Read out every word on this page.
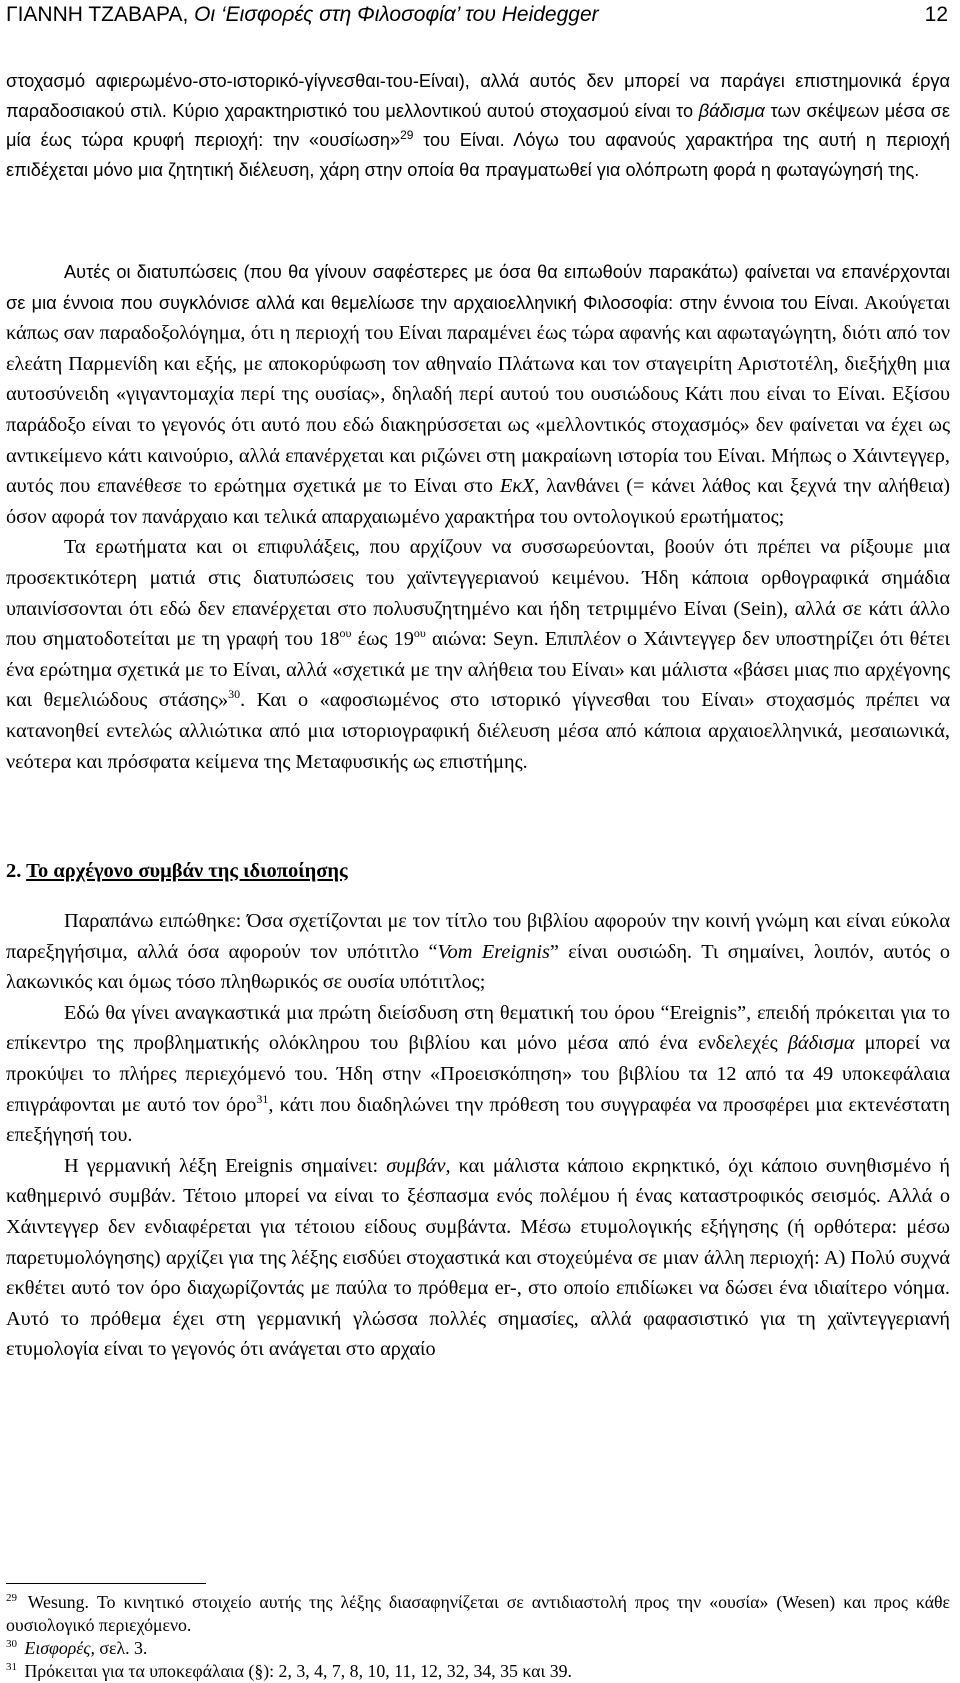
ΓΙΑΝΝΗ ΤΖΑΒΑΡΑ, Οι ‘Εισφορές στη Φιλοσοφία’ του Heidegger	12

στοχασμό αφιερωμένο-στο-ιστορικό-γίγνεσθαι-του-Είναι), αλλά αυτός δεν μπορεί να παράγει επιστημονικά έργα παραδοσιακού στιλ. Κύριο χαρακτηριστικό του μελλοντικού αυτού στοχασμού είναι το βάδισμα των σκέψεων μέσα σε μία έως τώρα κρυφή περιοχή: την «ουσίωση»$^{29}$ του Είναι. Λόγω του αφανούς χαρακτήρα της αυτή η περιοχή επιδέχεται μόνο μια ζητητική διέλευση, χάρη στην οποία θα πραγματωθεί για ολόπρωτη φορά η φωταγώγησή της.

Αυτές οι διατυπώσεις (που θα γίνουν σαφέστερες με όσα θα ειπωθούν παρακάτω) φαίνεται να επανέρχονται σε μια έννοια που συγκλόνισε αλλά και θεμελίωσε την αρχαιοελληνική Φιλοσοφία: στην έννοια του Είναι. Ακούγεται κάπως σαν παραδοξολόγημα, ότι η περιοχή του Είναι παραμένει έως τώρα αφανής και αφωταγώγητη, διότι από τον ελεάτη Παρμενίδη και εξής, με αποκορύφωση τον αθηναίο Πλάτωνα και τον σταγειρίτη Αριστοτέλη, διεξήχθη μια αυτοσύνειδη «γιγαντομαχία περί της ουσίας», δηλαδή περί αυτού του ουσιώδους Κάτι που είναι το Είναι. Εξίσου παράδοξο είναι το γεγονός ότι αυτό που εδώ διακηρύσσεται ως «μελλοντικός στοχασμός» δεν φαίνεται να έχει ως αντικείμενο κάτι καινούριο, αλλά επανέρχεται και ριζώνει στη μακραίωνη ιστορία του Είναι. Μήπως ο Χάιντεγγερ, αυτός που επανέθεσε το ερώτημα σχετικά με το Είναι στο ΕκΧ, λανθάνει (= κάνει λάθος και ξεχνά την αλήθεια) όσον αφορά τον πανάρχαιο και τελικά απαρχαιωμένο χαρακτήρα του οντολογικού ερωτήματος;

Τα ερωτήματα και οι επιφυλάξεις, που αρχίζουν να συσσωρεύονται, βοούν ότι πρέπει να ρίξουμε μια προσεκτικότερη ματιά στις διατυπώσεις του χαϊντεγγεριανού κειμένου. Ήδη κάποια ορθογραφικά σημάδια υπαινίσσονται ότι εδώ δεν επανέρχεται στο πολυσυζητημένο και ήδη τετριμμένο Είναι (Sein), αλλά σε κάτι άλλο που σηματοδοτείται με τη γραφή του $18^{o\upsilon}$ έως $19^{o\upsilon}$ αιώνα: Seyn. Επιπλέον ο Χάιντεγγερ δεν υποστηρίζει ότι θέτει ένα ερώτημα σχετικά με το Είναι, αλλά «σχετικά με την αλήθεια του Είναι» και μάλιστα «βάσει μιας πιο αρχέγονης και θεμελιώδους στάσης»$^{30}$. Και ο «αφοσιωμένος στο ιστορικό γίγνεσθαι του Είναι» στοχασμός πρέπει να κατανοηθεί εντελώς αλλιώτικα από μια ιστοριογραφική διέλευση μέσα από κάποια αρχαιοελληνικά, μεσαιωνικά, νεότερα και πρόσφατα κείμενα της Μεταφυσικής ως επιστήμης.

2. Το αρχέγονο συμβάν της ιδιοποίησης

Παραπάνω ειπώθηκε: Όσα σχετίζονται με τον τίτλο του βιβλίου αφορούν την κοινή γνώμη και είναι εύκολα παρεξηγήσιμα, αλλά όσα αφορούν τον υπότιτλο “Vom Ereignis” είναι ουσιώδη. Τι σημαίνει, λοιπόν, αυτός ο λακωνικός και όμως τόσο πληθωρικός σε ουσία υπότιτλος;

Εδώ θα γίνει αναγκαστικά μια πρώτη διείσδυση στη θεματική του όρου “Ereignis”, επειδή πρόκειται για το επίκεντρο της προβληματικής ολόκληρου του βιβλίου και μόνο μέσα από ένα ενδελεχές βάδισμα μπορεί να προκύψει το πλήρες περιεχόμενό του. Ήδη στην «Προεισκόπηση» του βιβλίου τα 12 από τα 49 υποκεφάλαια επιγράφονται με αυτό τον όρο$^{31}$, κάτι που διαδηλώνει την πρόθεση του συγγραφέα να προσφέρει μια εκτενέστατη επεξήγησή του.

Η γερμανική λέξη Ereignis σημαίνει: συμβάν, και μάλιστα κάποιο εκρηκτικό, όχι κάποιο συνηθισμένο ή καθημερινό συμβάν. Τέτοιο μπορεί να είναι το ξέσπασμα ενός πολέμου ή ένας καταστροφικός σεισμός. Αλλά ο Χάιντεγγερ δεν ενδιαφέρεται για τέτοιου είδους συμβάντα. Μέσω ετυμολογικής εξήγησης (ή ορθότερα: μέσω παρετυμολόγησης) αρχίζει για της λέξης εισδύει στοχαστικά και στοχεύμένα σε μιαν άλλη περιοχή: Α) Πολύ συχνά εκθέτει αυτό τον όρο διαχωρίζοντάς με παύλα το πρόθεμα er-, στο οποίο επιδίωκει να δώσει ένα ιδιαίτερο νόημα. Αυτό το πρόθεμα έχει στη γερμανική γλώσσα πολλές σημασίες, αλλά φαφασιστικό για τη χαϊντεγγεριανή ετυμολογία είναι το γεγονός ότι ανάγεται στο αρχαίο

$^{29}$ Wesung. Το κινητικό στοιχείο αυτής της λέξης διασαφηνίζεται σε αντιδιαστολή προς την «ουσία» (Wesen) και προς κάθε ουσιολογικό περιεχόμενο.

$^{30}$ Εισφορές, σελ. 3.

$^{31}$ Πρόκειται για τα υποκεφάλαια (§): 2, 3, 4, 7, 8, 10, 11, 12, 32, 34, 35 και 39.
